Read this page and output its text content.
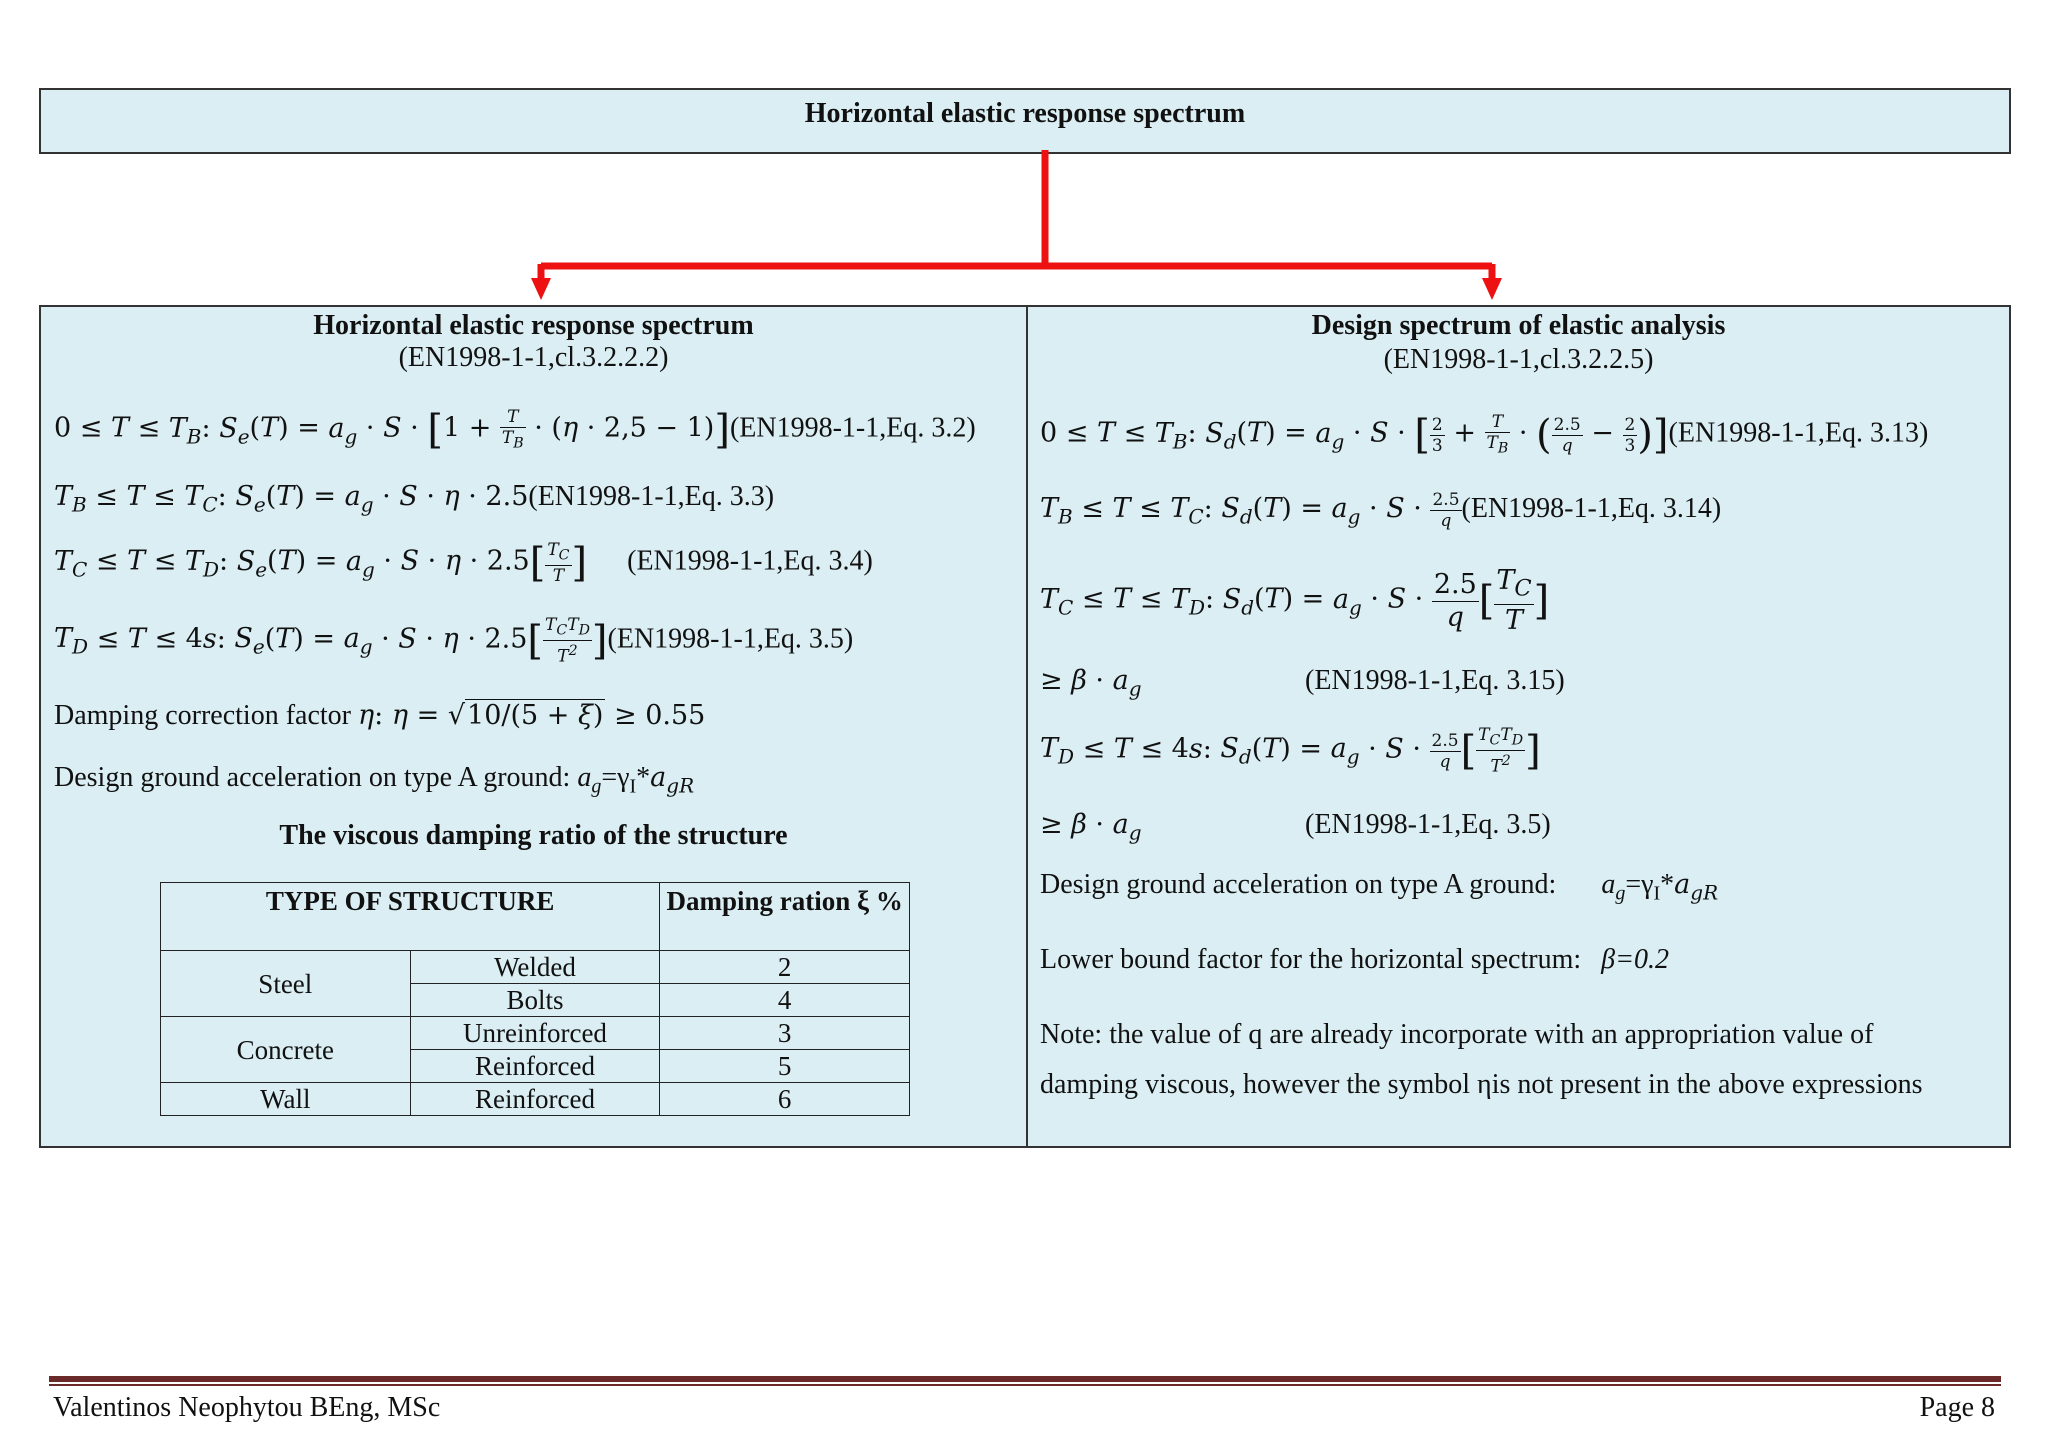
Horizontal elastic response spectrum
Horizontal elastic response spectrum
(EN1998-1-1,cl.3.2.2.2)
$0 \le T \le T_B$: $S_e(T) = a_g \cdot S \cdot [1 + \frac{T}{T_B} \cdot (\eta \cdot 2,5 - 1)](EN1998-1-1,Eq$. 3.2)
$T_B \le T \le T_C$: $S_e(T) = a_g \cdot S \cdot \eta \cdot 2.5(EN1998-1-1,Eq$. 3.3)
$T_C \le T \le T_D$: $S_e(T) = a_g \cdot S \cdot \eta \cdot 2.5[ \frac{T_C}{T}$ ] (EN1998-1-1,Eq. 3.4)
$T_D \le T \le 4s$: $S_e(T) = a_g \cdot S \cdot \eta \cdot 2.5[ \frac{T_CT_D}{T^2} ](EN1998-1-1,Eq$. 3.5)
Damping correction factor η: η = √10/(5 + ξ) ≥ 0.55
Design ground acceleration on type A ground: $a_g=\gamma_I*a_{gR}$
The viscous damping ratio of the structure
TYPE OF STRUCTURE		Damping ration ξ %
Steel	Welded	2
	Bolts	4
Concrete	Unreinforced	3
	Reinforced	5
Wall	Reinforced	6
Design spectrum of elastic analysis
(EN1998-1-1,cl.3.2.2.5)
$0 \le T \le T_B$: $S_d(T) = a_g \cdot S$ · [ $\frac{2}{3} + \frac{T}{T_B}$ · ( $\frac{2.5}{q} - \frac{2}{3} )](EN1998-1-1,Eq$. 3.13)
$T_B \le T \le T_C$: $S_d(T) = a_g \cdot S \cdot \frac{2.5}{q} (EN1998-1-1,Eq$. 3.14)
$T_C \le T \le T_D$: $S_d(T) = a_g \cdot S \cdot \frac{2.5}{q}$ [ $\frac{T_C}{T}$ ]
≥ $\beta \cdot a_g$	(EN1998-1-1,Eq. 3.15)
$T_D \le T \le 4s$: $S_d(T) = a_g \cdot S \cdot \frac{2.5}{q}$ [ $\frac{T_CT_D}{T^2}$ ]
≥ $\beta \cdot a_g$	(EN1998-1-1,Eq. 3.5)
Design ground acceleration on type A ground: $a_g=\gamma_I*a_{gR}$
Lower bound factor for the horizontal spectrum: β=0.2
Note: the value of q are already incorporate with an appropriation value of
damping viscous, however the symbol ηis not present in the above expressions
Valentinos Neophytou BEng, MSc	Page 8
